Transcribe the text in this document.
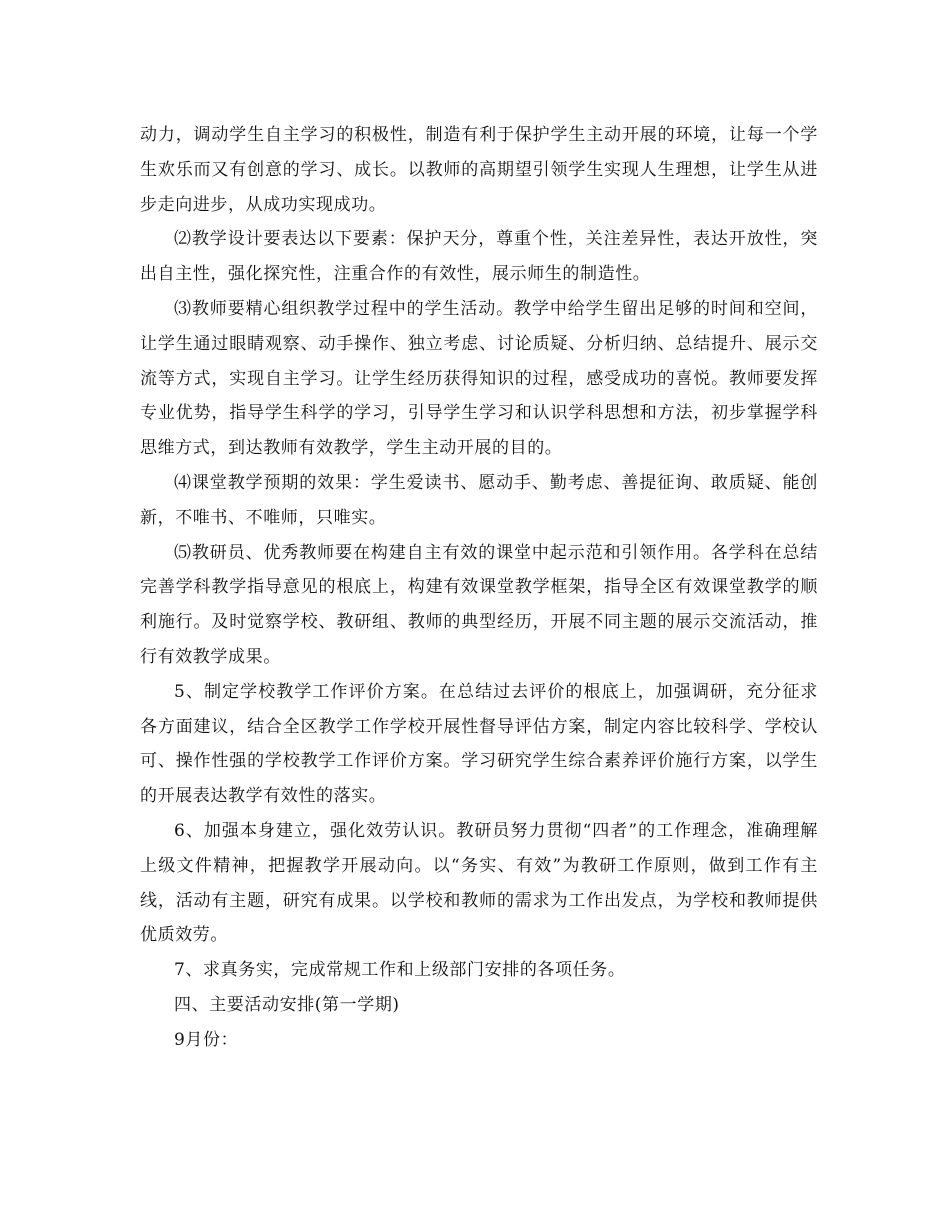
动力，调动学生自主学习的积极性，制造有利于保护学生主动开展的环境，让每一个学生欢乐而又有创意的学习、成长。以教师的高期望引领学生实现人生理想，让学生从进步走向进步，从成功实现成功。

⑵教学设计要表达以下要素：保护天分，尊重个性，关注差异性，表达开放性，突出自主性，强化探究性，注重合作的有效性，展示师生的制造性。

⑶教师要精心组织教学过程中的学生活动。教学中给学生留出足够的时间和空间，让学生通过眼睛观察、动手操作、独立考虑、讨论质疑、分析归纳、总结提升、展示交流等方式，实现自主学习。让学生经历获得知识的过程，感受成功的喜悦。教师要发挥专业优势，指导学生科学的学习，引导学生学习和认识学科思想和方法，初步掌握学科思维方式，到达教师有效教学，学生主动开展的目的。

⑷课堂教学预期的效果：学生爱读书、愿动手、勤考虑、善提征询、敢质疑、能创新，不唯书、不唯师，只唯实。

⑸教研员、优秀教师要在构建自主有效的课堂中起示范和引领作用。各学科在总结完善学科教学指导意见的根底上，构建有效课堂教学框架，指导全区有效课堂教学的顺利施行。及时觉察学校、教研组、教师的典型经历，开展不同主题的展示交流活动，推行有效教学成果。

5、制定学校教学工作评价方案。在总结过去评价的根底上，加强调研，充分征求各方面建议，结合全区教学工作学校开展性督导评估方案，制定内容比较科学、学校认可、操作性强的学校教学工作评价方案。学习研究学生综合素养评价施行方案，以学生的开展表达教学有效性的落实。

6、加强本身建立，强化效劳认识。教研员努力贯彻“四者”的工作理念，准确理解上级文件精神，把握教学开展动向。以“务实、有效”为教研工作原则，做到工作有主线，活动有主题，研究有成果。以学校和教师的需求为工作出发点，为学校和教师提供优质效劳。

7、求真务实，完成常规工作和上级部门安排的各项任务。

四、主要活动安排(第一学期)

9月份：
